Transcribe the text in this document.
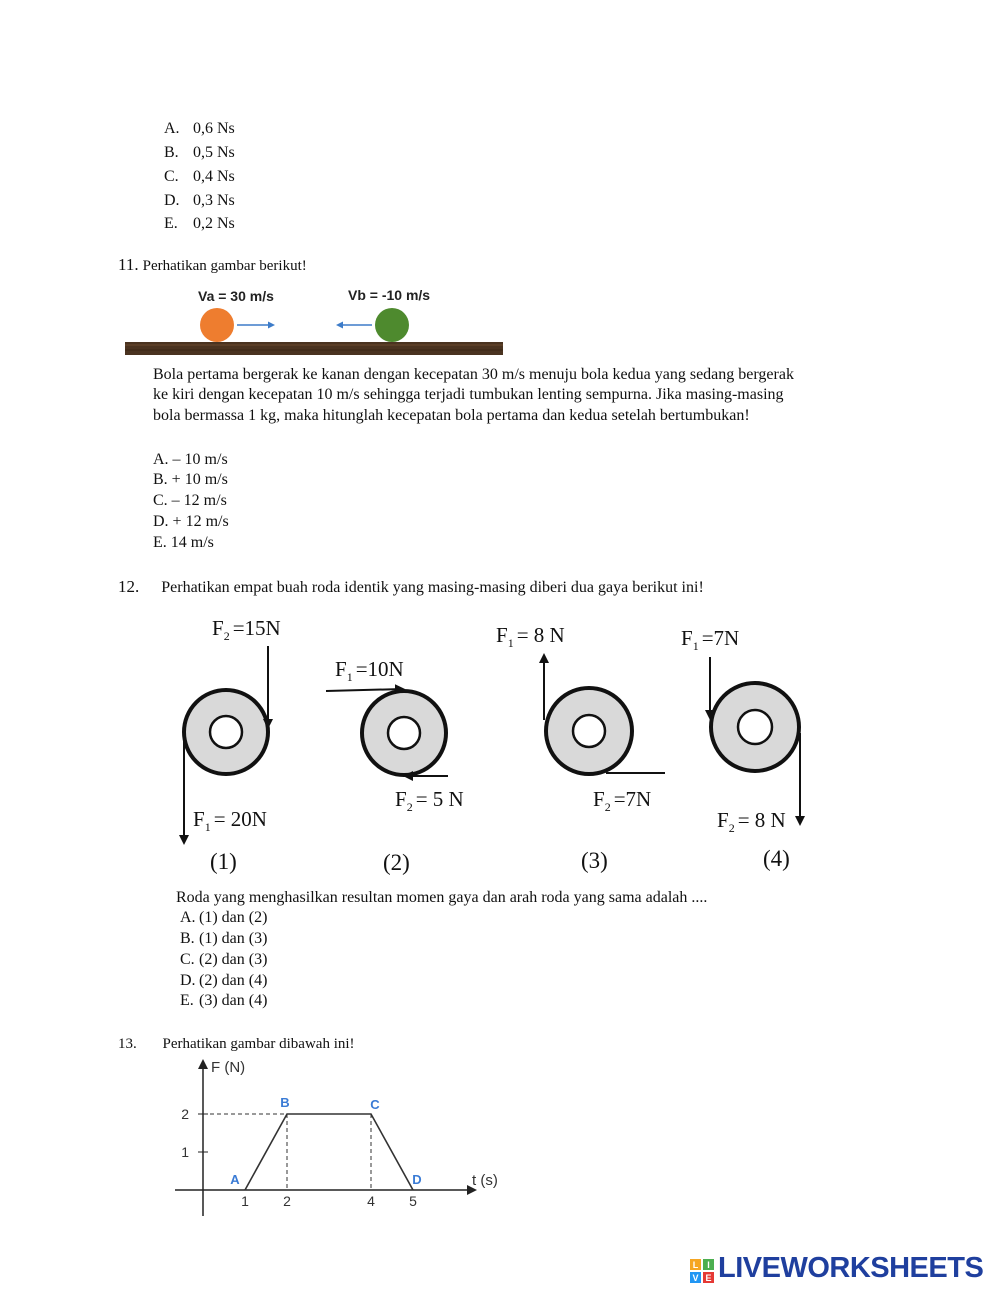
A. 0,6 Ns
B. 0,5 Ns
C. 0,4 Ns
D. 0,3 Ns
E. 0,2 Ns
11. Perhatikan gambar berikut!
Va = 30 m/s	Vb = -10 m/s
Bola pertama bergerak ke kanan dengan kecepatan 30 m/s menuju bola kedua yang sedang bergerak
ke kiri dengan kecepatan 10 m/s sehingga terjadi tumbukan lenting sempurna. Jika masing-masing
bola bermassa 1 kg, maka hitunglah kecepatan bola pertama dan kedua setelah bertumbukan!
A. – 10 m/s
B. + 10 m/s
C. – 12 m/s
D. + 12 m/s
E. 14 m/s
12. Perhatikan empat buah roda identik yang masing-masing diberi dua gaya berikut ini!
$F_2 =15N$
$F_1 = 20N$
(1)
$F_1 =10N$
$F_2 = 5$ N
(2)
$F_1 = 8$ N
$F_2 =7N$
(3)
$F_1 =7N$
$F_2 = 8$ N
(4)
Roda yang menghasilkan resultan momen gaya dan arah roda yang sama adalah ....
A. (1) dan (2)
B. (1) dan (3)
C. (2) dan (3)
D. (2) dan (4)
E. (3) dan (4)
13. Perhatikan gambar dibawah ini!
F (N)
t (s)
1
2
1 2	4 5
A
B	C
D
L I
V E LIVEWORKSHEETS
